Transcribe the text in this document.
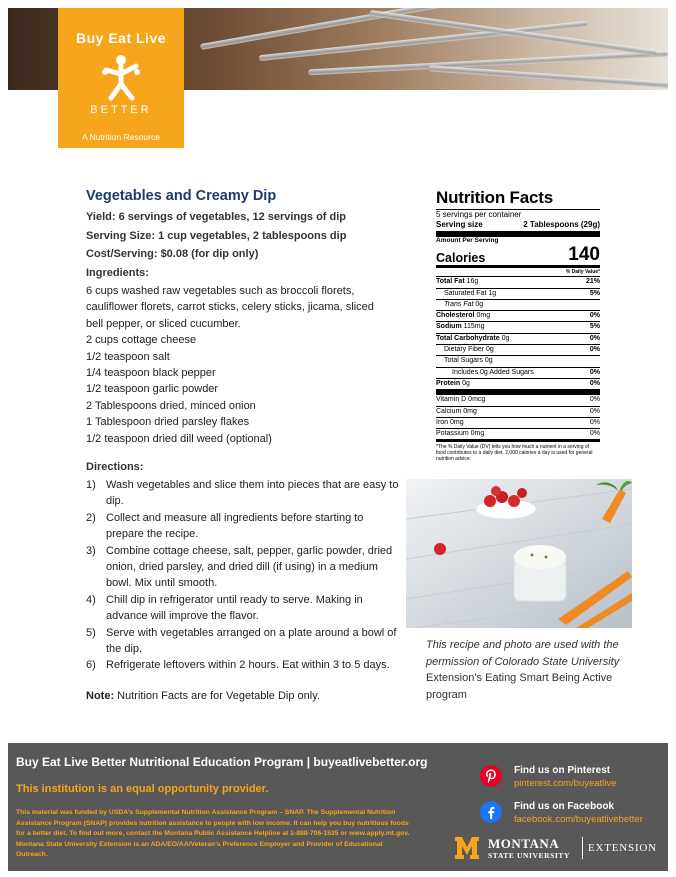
Buy Eat Live
BETTER
A Nutrition Resource
Vegetables and Creamy Dip
Yield: 6 servings of vegetables, 12 servings of dip
Serving Size: 1 cup vegetables, 2 tablespoons dip
Cost/Serving: $0.08 (for dip only)
Ingredients:
6 cups washed raw vegetables such as broccoli florets, cauliflower florets, carrot sticks, celery sticks, jicama, sliced bell pepper, or sliced cucumber.
2 cups cottage cheese
1/2 teaspoon salt
1/4 teaspoon black pepper
1/2 teaspoon garlic powder
2 Tablespoons dried, minced onion
1 Tablespoon dried parsley flakes
1/2 teaspoon dried dill weed (optional)
Directions:
1) Wash vegetables and slice them into pieces that are easy to dip.
2) Collect and measure all ingredients before starting to prepare the recipe.
3) Combine cottage cheese, salt, pepper, garlic powder, dried onion, dried parsley, and dried dill (if using) in a medium bowl. Mix until smooth.
4) Chill dip in refrigerator until ready to serve. Making in advance will improve the flavor.
5) Serve with vegetables arranged on a plate around a bowl of the dip.
6) Refrigerate leftovers within 2 hours. Eat within 3 to 5 days.
Note: Nutrition Facts are for Vegetable Dip only.
Nutrition Facts
5 servings per container
Serving size	2 Tablespoons (29g)
Amount Per Serving
Calories	140
% Daily Value*
Total Fat 16g	21%
Saturated Fat 1g	5%
Trans Fat 0g
Cholesterol 0mg	0%
Sodium 115mg	5%
Total Carbohydrate 0g	0%
Dietary Fiber 0g	0%
Total Sugars 0g
Includes 0g Added Sugars	0%
Protein 0g	0%
Vitamin D 0mcg	0%
Calcium 0mg	0%
Iron 0mg	0%
Potassium 0mg	0%
*The % Daily Value (DV) tells you how much a nutrient in a serving of food contributes to a daily diet. 2,000 calories a day is used for general nutrition advice.
This recipe and photo are used with the permission of Colorado State University Extension’s Eating Smart Being Active program
Buy Eat Live Better Nutritional Education Program | buyeatlivebetter.org
This institution is an equal opportunity provider.
This material was funded by USDA’s Supplemental Nutrition Assistance Program – SNAP. The Supplemental Nutrition Assistance Program (SNAP) provides nutrition assistance to people with low income. It can help you buy nutritious foods for a better diet. To find out more, contact the Montana Public Assistance Helpline at 1-888-706-1535 or www.apply.mt.gov. Montana State University Extension is an ADA/EO/AA/Veteran’s Preference Employer and Provider of Educational Outreach.
Find us on Pinterest
pinterest.com/buyeatlive
Find us on Facebook
facebook.com/buyeatlivebetter
MONTANA
STATE UNIVERSITY
EXTENSION
